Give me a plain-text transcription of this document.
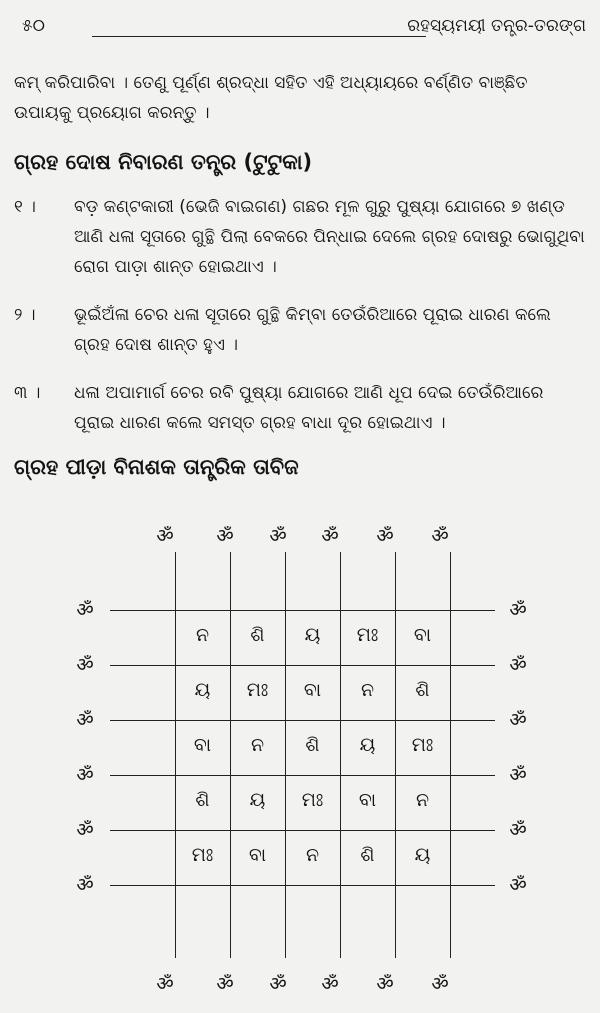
୫୦	ରହସ୍ୟମୟୀ ତନ୍ତ୍ର-ତରଙ୍ଗ
କମ୍ କରିପାରିବା । ତେଣୁ ପୂର୍ଣ୍ଣ ଶ୍ରଦ୍ଧା ସହିତ ଏହି ଅଧ୍ୟାୟରେ ବର୍ଣ୍ଣିତ ବାଞ୍ଛିତ ଉପାୟକୁ ପ୍ରୟୋଗ କରନ୍ତୁ ।
ଗ୍ରହ ଦୋଷ ନିବାରଣ ତନ୍ତ୍ର (ଟୁଟୁକା)
୧ ।	ବଡ଼ କଣ୍ଟକାରୀ (ଭେଜି ବାଇଗଣ) ଗଛର ମୂଳ ଗୁରୁ ପୁଷ୍ୟା ଯୋଗରେ ୭ ଖଣ୍ଡ ଆଣି ଧଳା ସୂତାରେ ଗୁନ୍ଥି ପିଲା ବେକରେ ପିନ୍ଧାଇ ଦେଲେ ଗ୍ରହ ଦୋଷରୁ ଭୋଗୁଥିବା ରୋଗ ପାଡ଼ା ଶାନ୍ତ ହୋଇଥାଏ ।
୨ ।	ଭୂଇଁଅଁଳା ଚେର ଧଳା ସୂତାରେ ଗୁନ୍ଥି କିମ୍ବା ତେଉଁରିଆରେ ପୂରାଇ ଧାରଣ କଲେ ଗ୍ରହ ଦୋଷ ଶାନ୍ତ ହୁଏ ।
୩ ।	ଧଳା ଅପାମାର୍ଗ ଚେର ରବି ପୁଷ୍ୟା ଯୋଗରେ ଆଣି ଧୂପ ଦେଇ ତେଉଁରିଆରେ ପୂରାଇ ଧାରଣ କଲେ ସମସ୍ତ ଗ୍ରହ ବାଧା ଦୂର ହୋଇଥାଏ ।
ଗ୍ରହ ପୀଡ଼ା ବିନାଶକ ତାନ୍ତ୍ରିକ ତାବିଜ
ॐ	ॐ	ॐ	ॐ	ॐ	ॐ
ॐ	ॐ	ॐ	ॐ	ॐ	ॐ
ॐ	ॐ
ॐ	ॐ
ॐ	ॐ
ॐ	ॐ
ॐ	ॐ
ॐ	ॐ
ନ	ଶି	ୟ	ମଃ	ବା
ୟ	ମଃ	ବା	ନ	ଶି
ବା	ନ	ଶି	ୟ	ମଃ
ଶି	ୟ	ମଃ	ବା	ନ
ମଃ	ବା	ନ	ଶି	ୟ
